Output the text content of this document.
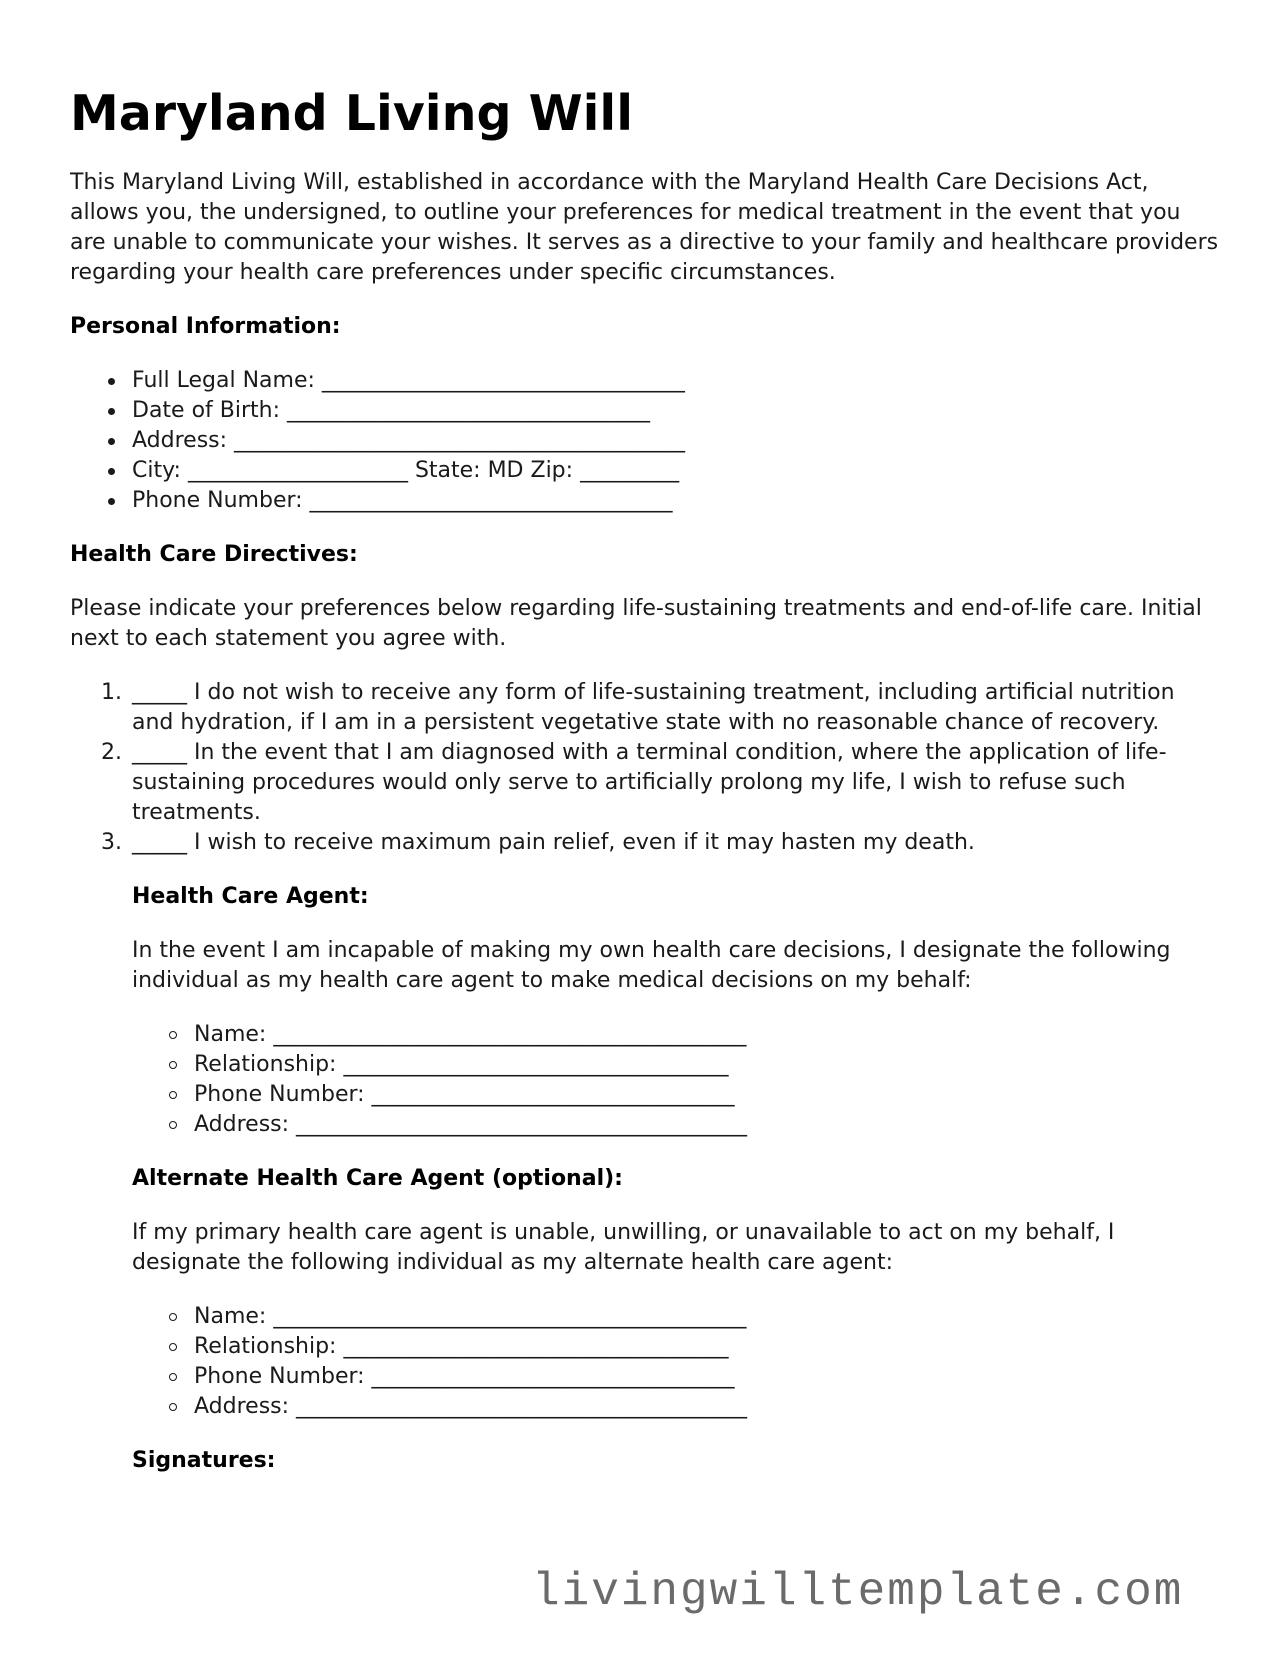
Maryland Living Will

This Maryland Living Will, established in accordance with the Maryland Health Care Decisions Act, allows you, the undersigned, to outline your preferences for medical treatment in the event that you are unable to communicate your wishes. It serves as a directive to your family and healthcare providers regarding your health care preferences under specific circumstances.

Personal Information:
Full Legal Name: _________________________________
Date of Birth: _________________________________
Address: _________________________________________
City: ____________________ State: MD Zip: _________
Phone Number: _________________________________
Health Care Directives:

Please indicate your preferences below regarding life-sustaining treatments and end-of-life care. Initial next to each statement you agree with.

1. _____ I do not wish to receive any form of life-sustaining treatment, including artificial nutrition and hydration, if I am in a persistent vegetative state with no reasonable chance of recovery.
2. _____ In the event that I am diagnosed with a terminal condition, where the application of life-sustaining procedures would only serve to artificially prolong my life, I wish to refuse such treatments.
3. _____ I wish to receive maximum pain relief, even if it may hasten my death.
Health Care Agent:

In the event I am incapable of making my own health care decisions, I designate the following individual as my health care agent to make medical decisions on my behalf:

Name: ___________________________________________
Relationship: ___________________________________
Phone Number: _________________________________
Address: _________________________________________
Alternate Health Care Agent (optional):

If my primary health care agent is unable, unwilling, or unavailable to act on my behalf, I designate the following individual as my alternate health care agent:

Name: ___________________________________________
Relationship: ___________________________________
Phone Number: _________________________________
Address: _________________________________________
Signatures:
livingwilltemplate.com
